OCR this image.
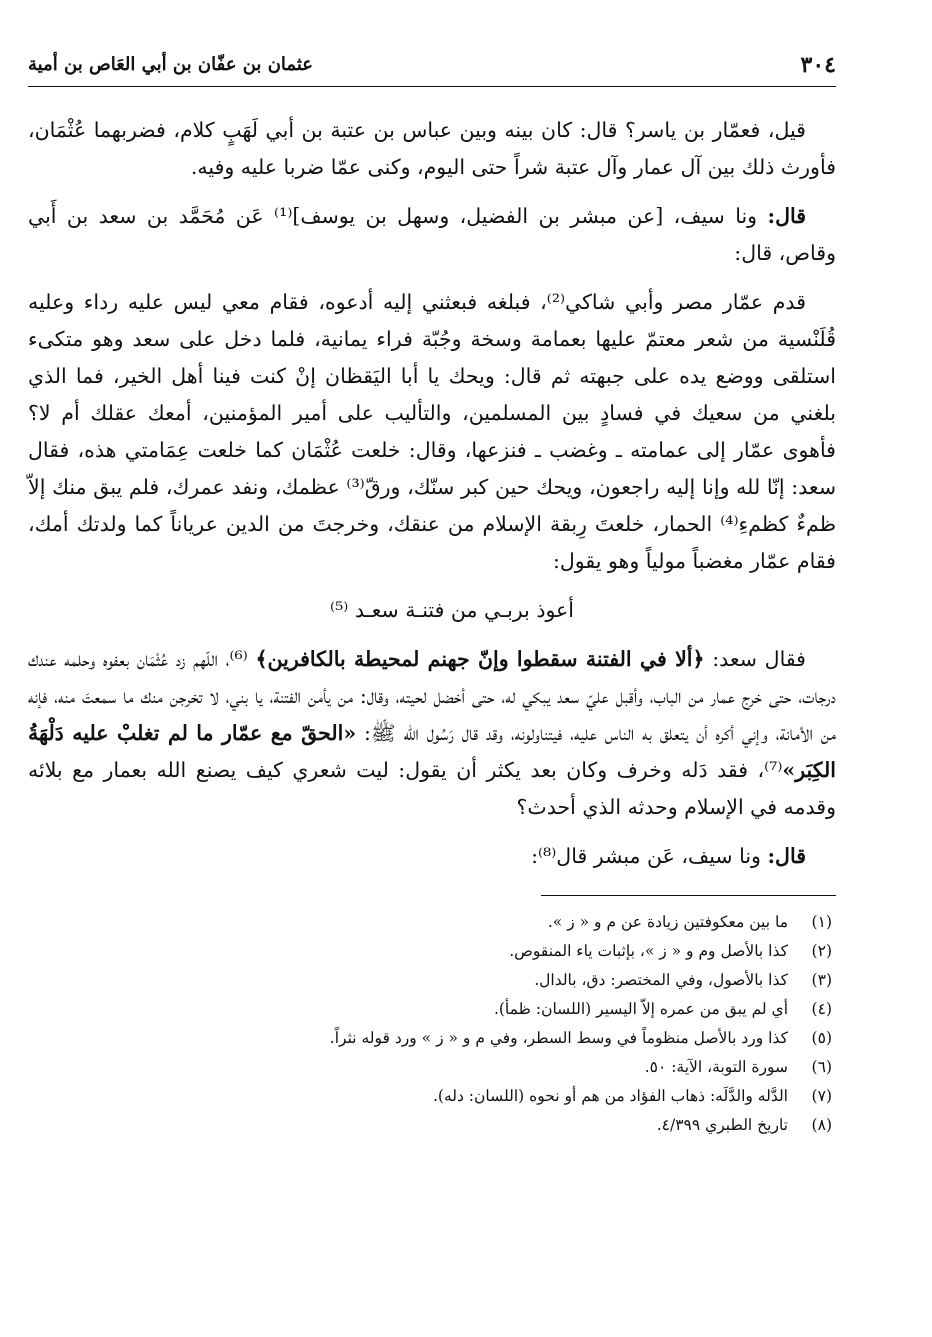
٣٠٤
عثمان بن عفّان بن أبي العَاص بن أمية

قيل، فعمّار بن ياسر؟ قال: كان بينه وبين عباس بن عتبة بن أبي لَهَبٍ كلام، فضربهما عُثْمَان، فأورث ذلك بين آل عمار وآل عتبة شراً حتى اليوم، وكنى عمّا ضربا عليه وفيه.

قال: ونا سيف، [عن مبشر بن الفضيل، وسهل بن يوسف]⁽¹⁾ عَن مُحَمَّد بن سعد بن أَبي وقاص، قال:

قدم عمّار مصر وأبي شاكي⁽²⁾، فبلغه فبعثني إليه أدعوه، فقام معي ليس عليه رداء وعليه قُلَنْسية من شعر معتمّ عليها بعمامة وسخة وجُبّة فراء يمانية، فلما دخل على سعد وهو متكىء استلقى ووضع يده على جبهته ثم قال: ويحك يا أبا اليَقظان إنْ كنت فينا أهل الخير، فما الذي بلغني من سعيك في فسادٍ بين المسلمين، والتأليب على أمير المؤمنين، أمعك عقلك أم لا؟ فأهوى عمّار إلى عمامته ـ وغضب ـ فنزعها، وقال: خلعت عُثْمَان كما خلعت عِمَامتي هذه، فقال سعد: إنّا لله وإنا إليه راجعون، ويحك حين كبر سنّك، ورقّ⁽³⁾ عظمك، ونفد عمرك، فلم يبق منك إلاّ ظمءٌ كظمءِ⁽⁴⁾ الحمار، خلعتَ رِبقة الإسلام من عنقك، وخرجتَ من الدين عرياناً كما ولدتك أمك، فقام عمّار مغضباً مولياً وهو يقول:

أعوذ بربـي من فتنـة سعـد ⁽⁵⁾

فقال سعد: ﴿ألا في الفتنة سقطوا وإنّ جهنم لمحيطة بالكافرين﴾ ⁽⁶⁾، اللّهم زد عُثْمَان بعفوه وحلمه عندك درجات، حتى خرج عمار من الباب، وأقبل عليّ سعد يبكي له، حتى أخضل لحيته، وقال: من يأمن الفتنة، يا بني، لا تخرجن منك ما سمعتَ منه، فإنه من الأمانة، وإني أكره أن يتعلق به الناس عليه، فيتناولونه، وقد قال رَسُول الله ﷺ: «الحقّ مع عمّار ما لم تغلبْ عليه دَلْهَةُ الكِبَر»⁽⁷⁾، فقد دَله وخرف وكان بعد يكثر أن يقول: ليت شعري كيف يصنع الله بعمار مع بلائه وقدمه في الإسلام وحدثه الذي أحدث؟

قال: ونا سيف، عَن مبشر قال⁽⁸⁾:

(١)
ما بين معكوفتين زيادة عن م و « ز ».
(٢)
كذا بالأصل وم و « ز »، بإثبات ياء المنقوص.
(٣)
كذا بالأصول، وفي المختصر: دق، بالدال.
(٤)
أي لم يبق من عمره إلاّ اليسير (اللسان: ظمأ).
(٥)
كذا ورد بالأصل منظوماً في وسط السطر، وفي م و « ز » ورد قوله نثراً.
(٦)
سورة التوبة، الآية: ٥٠.
(٧)
الدَّله والدَّلَه: ذهاب الفؤاد من هم أو نحوه (اللسان: دله).
(٨)
تاريخ الطبري ٤/٣٩٩.
